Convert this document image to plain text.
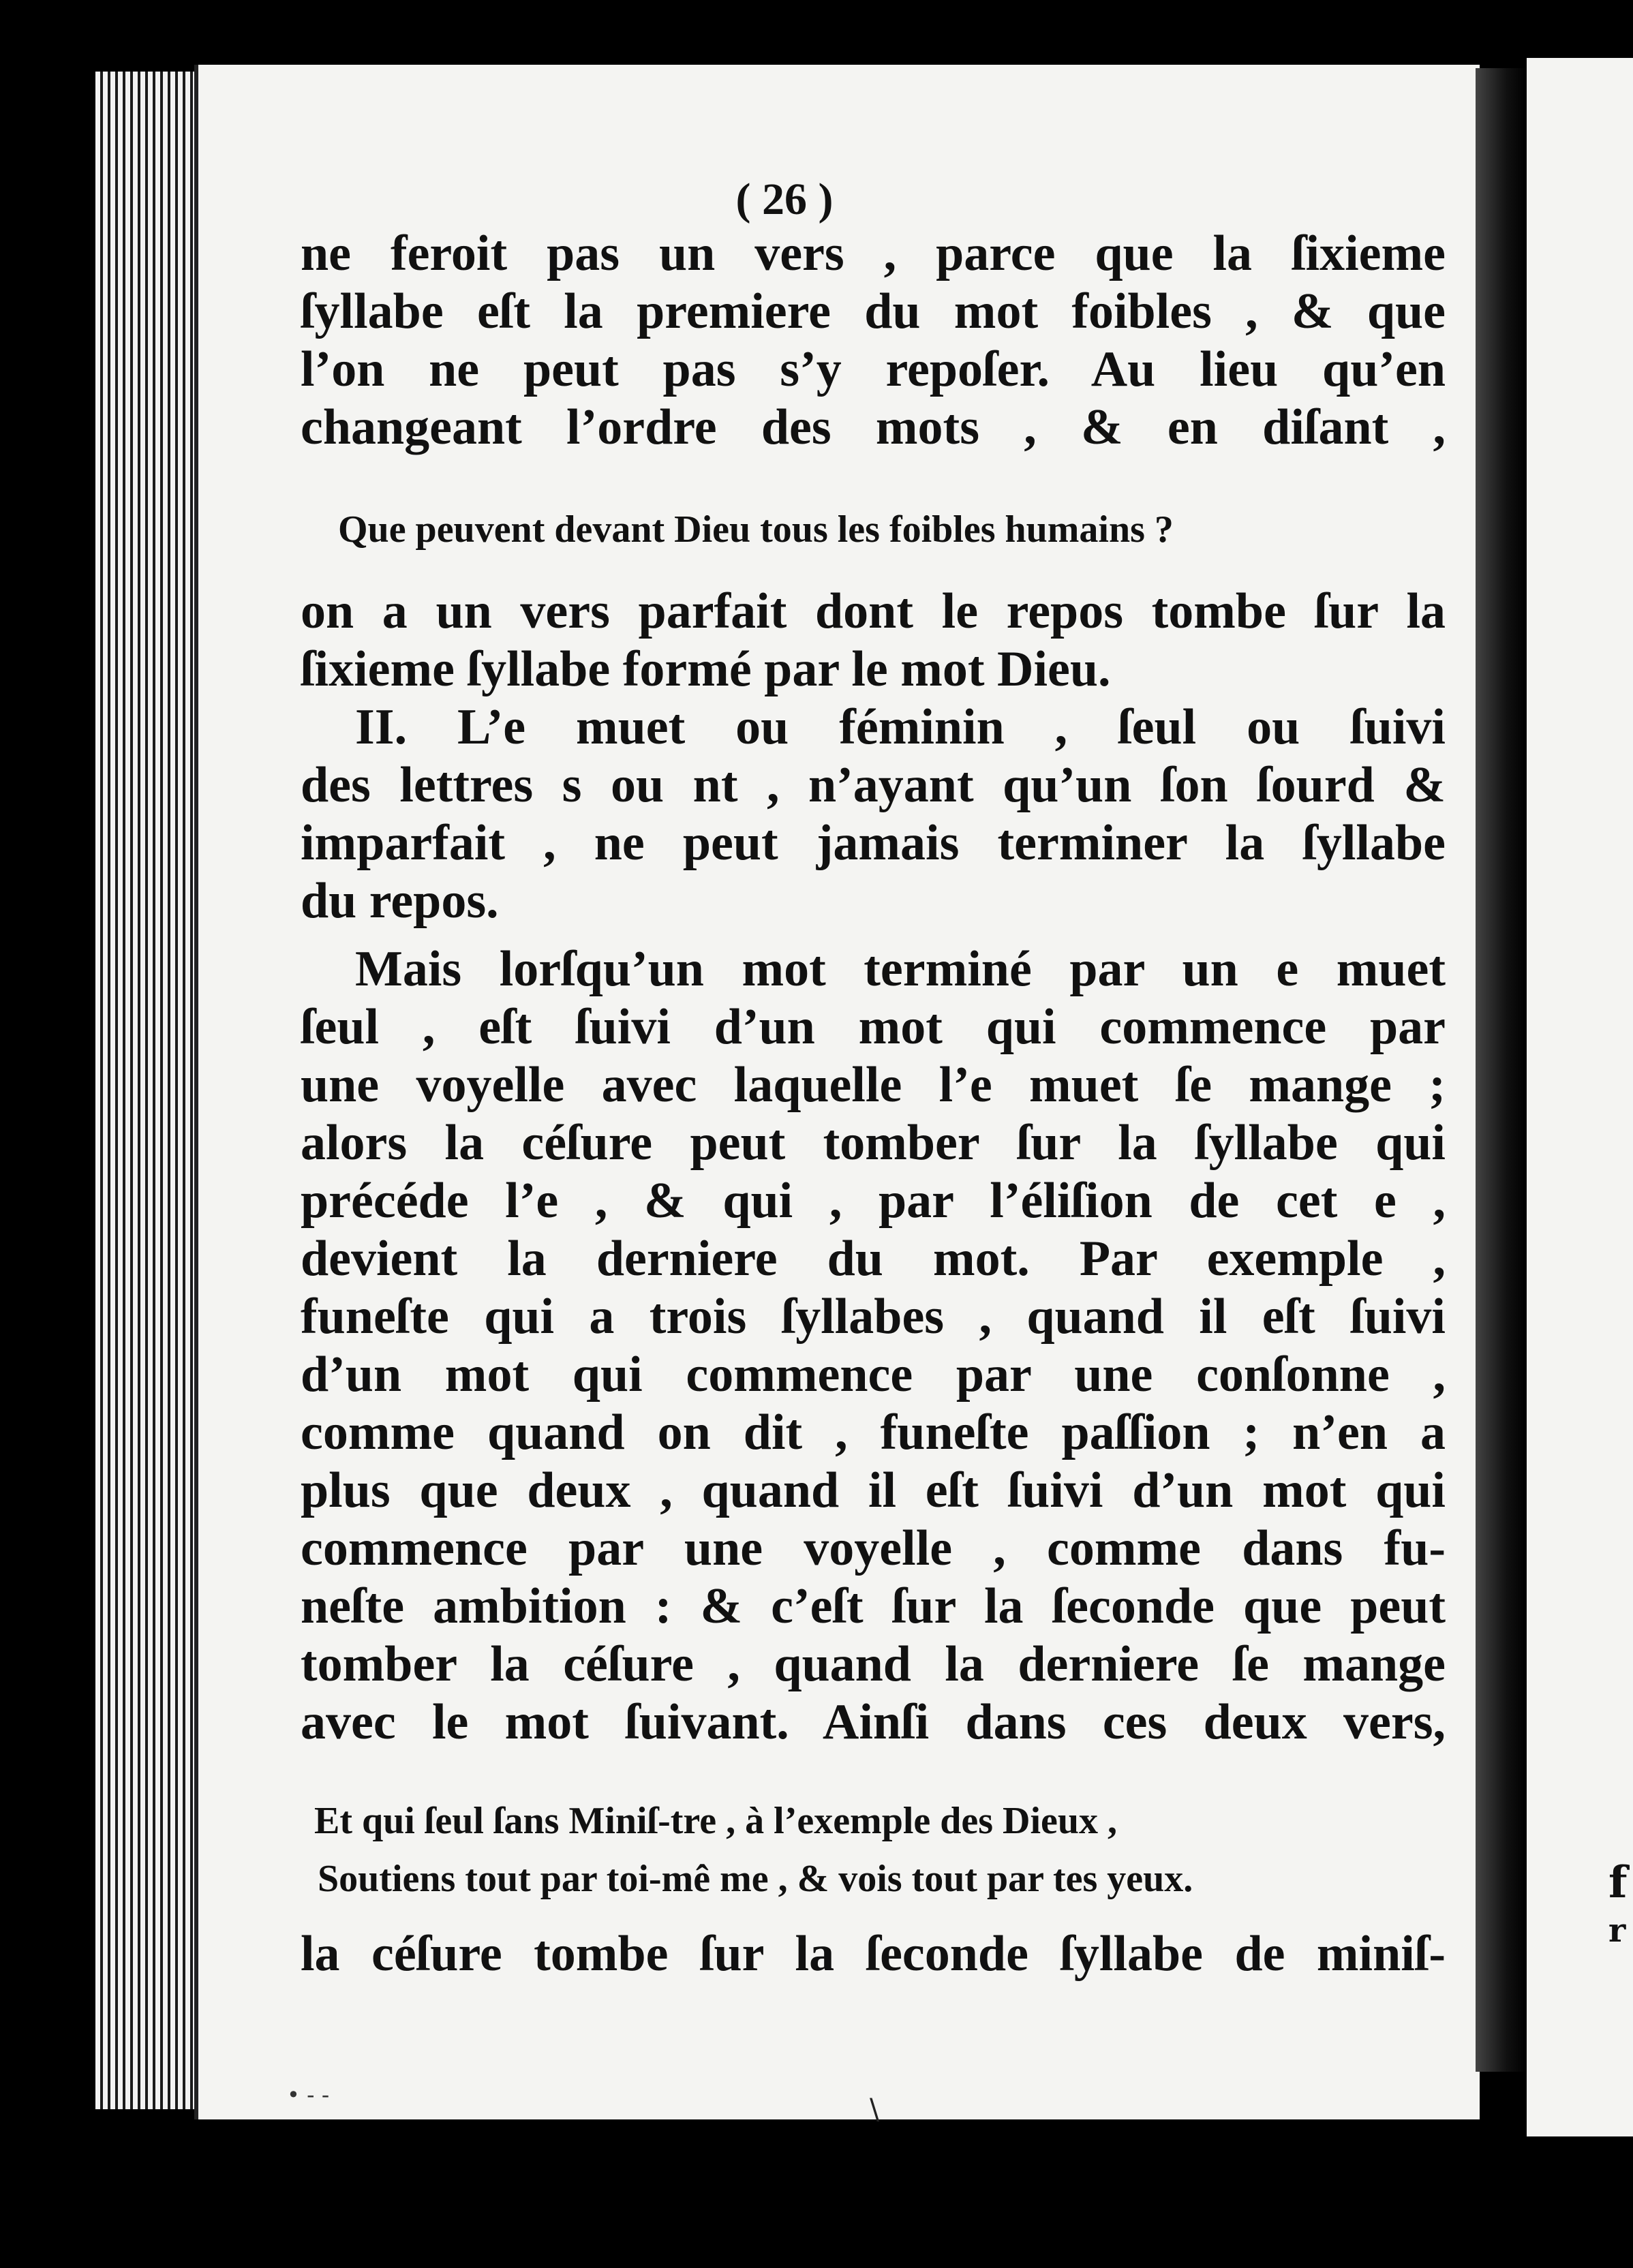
( 26 )
ne feroit pas un vers , parce que la ſixieme
ſyllabe eſt la premiere du mot foibles , & que
l’on ne peut pas s’y repoſer. Au lieu qu’en
changeant l’ordre des mots , & en diſant ,
Que peuvent devant Dieu tous les foibles humains ?
on a un vers parfait dont le repos tombe ſur la
ſixieme ſyllabe formé par le mot Dieu.
II. L’e muet ou féminin , ſeul ou ſuivi
des lettres s ou nt , n’ayant qu’un ſon ſourd &
imparfait , ne peut jamais terminer la ſyllabe
du repos.
Mais lorſqu’un mot terminé par un e muet
ſeul , eſt ſuivi d’un mot qui commence par
une voyelle avec laquelle l’e muet ſe mange ;
alors la céſure peut tomber ſur la ſyllabe qui
précéde l’e , & qui , par l’éliſion de cet e ,
devient la derniere du mot. Par exemple ,
funeſte qui a trois ſyllabes , quand il eſt ſuivi
d’un mot qui commence par une conſonne ,
comme quand on dit , funeſte paſſion ; n’en a
plus que deux , quand il eſt ſuivi d’un mot qui
commence par une voyelle , comme dans fu-
neſte ambition : & c’eſt ſur la ſeconde que peut
tomber la céſure , quand la derniere ſe mange
avec le mot ſuivant. Ainſi dans ces deux vers,
Et qui ſeul ſans Miniſ-tre , à l’exemple des Dieux ,
Soutiens tout par toi-mê me , & vois tout par tes yeux.
la céſure tombe ſur la ſeconde ſyllabe de miniſ-
• - -	\
f
r
